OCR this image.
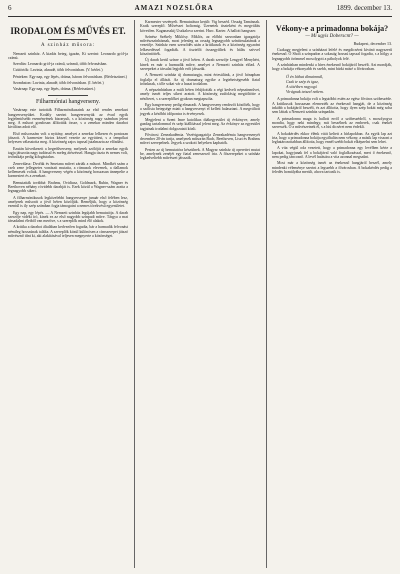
6	AMAZI NOZSLŐRA	1899. december 13.
IRODALOM ÉS MŰVÉS ET.
A szinház műsora:

Nemzeti szinház. A kiadás beteg, igazán, Ki szerint: Leonardo gróf-ja czímü.

Szerdán: Leonardo gróf-ja czímű, színmű, több felvonásban.

Csütörtök: Lavinia, aknadé, több felvonásban. (V. bérlet.)

Pénteken: Egy nap, egy lépés, dráma, három felvonásban. (Bérletszünet.)

Szombaton: Lavinia, aknadé, több felvonásban. (I. bérlet.)

Vasárnap: Egy nap, egy lépés, dráma. (Bérletszünet.)

Filharmóniai hangverseny.

Vasárnap este tartották Filharmónikusaink az első rendes zenekari hangversenyüket. Kodály szerint hangversenyük az évad egyik legjelentősebb eseményének bizonyult, s a közönség nagy számban jelent meg. A műsort gondosan állították össze, s a zenekar minden darabot kiválóan adott elő.

Első műsorszám volt a nyitány, amelyet a zenekar lelkesen és pontosan játszott. A karmester biztos kézzel vezette az együttest, s a tempókat helyesen választotta meg. A közönség zajos tapssal jutalmazta az előadást.

Ezután következett a hegedűverseny, melynek szólóját a zenekar egyik tagja játszotta nagy tudással és meleg átérzéssel. Hangja tiszta és nemes volt, technikája pedig kifogástalan.

Zeneválasz: Dvořák és Smetana művei zárták a műsort. Mindkét szám a cseh zene jellegzetes vonásait mutatta, a ritmusok elevenek, a dallamok kellemesek voltak. A hangverseny végén a közönség hosszasan ünnepelte a karmestert és a zenekart.

Bemutatták továbbá: Brahms, Ovidiusz, Goldmark, Rubin, Wagner és Beethoven néhány rövidebb darabját is. Ezek közül a Wagner-szám aratta a legnagyobb sikert.

A filharmónikusok legközelebbi hangversenye január első felében lesz, amelynek műsorát a jövő héten közöljük. Reméljük, hogy a közönség ezentúl is ily szép számban fogja támogatni a nemes törekvésű egyesületet.

Egy nap, egy lépés. — A Nemzeti szinház legújabb bemutatója. A darab szerzője vidéki író, kinek ez az első nagyobb színpadi műve. Tárgya a mai társadalmi életből van merítve, s a szereplők mind élő alakok.

A kritika a darabot általában kedvezően fogadta, bár a harmadik felvonást némileg hosszúnak találta. A szereplők közül különösen a címszerepet játszó művésznő tűnt ki, aki alakításával teljesen megnyerte a közönséget.

Karmester vezényelt. Bemutatásra került: Vig beszéd. Ország Tamásnak. Kratk szereplő. Művészet holtomig. Üzenetek tiszteként és megváltás követően. Kaganaszkij Uszkalova szerint. Harc. Karter. A hallott hangszer.

Színész Székely Miklósy. Miklós, az előbbi szezonban igazgatója művészszínháznak, most jelenleg az ország legnagyobb színtársulatának a vezetője. Színház ezen szerződés után a kritikusok és a közönség egyaránt lelkesedéssel fogadták. A tisztelői összegyűltek és hálás szívvel köszöntötték.

Új darab kerül színre a jövő héten. A darab szerzője Lengyel Menyhért, kinek ez már a harmadik műve, amelyet a Nemzeti szinház előad. A szerepeket a társulat legjobb erői játsszák.

A Nemzeti szinház új dramaturgja, mint értesülünk, a jövő hónapban foglalja el állását. Az új dramaturg egyike a legtehetségesebb fiatal íróinknak, s tőle sokat vár a hazai irodalom.

A népszínházban a múlt héten felújították a régi kedvelt népszínművet, amely ismét teljes sikert aratott. A közönség zsúfolásig megtöltötte a nézőteret, s a szereplőket gyakran megtapsolta.

Egy hangverseny pedig elmaradt. A hangverseny rendezői közölték, hogy a szólista betegsége miatt a hangversenyt el kellett halasztani. A megváltott jegyek a későbbi időpontra is érvényesek.

Megjelent a Szent Imre katolikus diákegyesület új évkönyve, amely gazdag tartalommal és szép kiállítással jelent meg. Az évkönyv az egyesület tagjainak irodalmi dolgozatait közli.

Fővárosi Zeneakadémia. Vezérigazgatója Zeneakadémia hangversenyét december 20-án tartja, amelynek műsorán Bach, Beethoven, Liszt és Brahms művei szerepelnek. Jegyek a szokott helyeken kaphatók.

Pesten az új bemutatóra készülnek. A Magyar szinház új operettet mutat be, amelynek zenéjét egy fiatal zeneszerző írta. A főszerepeket a színház legkedveltebb művészei játsszák.

Vékony-e a primadonna bokája?
— Mi ugyis Doberscnt? —
Budapest, december 13.

Csakugy megjelent a színházat lefelé és megdicsérni kívánó nagyszerű énekesnő. Ő Sholt a színpadon a sokaság hosszú tapssal fogadta, s a hölgy a legnagyobb örömmel mosolygott a páholyok felé.

A színházban mindenki a híres énekesnő bokájáról beszélt. Azt mondják, hogy a bokája vékonyabb és szebb, mint bárki másé a fővárosban.

Ó én láthat álmaimnál,
Csak te szép és igaz,
A sötétben ragyogó
Virágnak tetszel nekem.

A primadonna bokája volt a legutóbbi estén az egész főváros szóbeszéde. A kritikusok hosszasan elemezték az énekesnő hangját, de a közönség inkább a bokájáról beszélt, és azt állította, hogy ilyen szép bokát még soha sem láttak a Nemzeti szinház színpadán.

A primadonna maga is hallott erről a szóbeszédről, s mosolyogva mondta, hogy neki mindegy, mit beszélnek az emberek, csak énekét szeressék. Ő a művészetnek él, s a hiú dicséret nem érdekli.

A bokakérdés ekkor élénk vitát keltett a hírlapokban. Az egyik lap azt írta, hogy a primadonna bokája egyáltalán nem vékony, a másik lap viszont a leghatározottabban állította, hogy ennél szebb bokát elképzelni sem lehet.

A vita végül oda vezetett, hogy a primadonna egy levélben kérte a lapokat, hagyjanak fel a bokájával való foglalkozással, mert ő énekesnő, nem pedig táncosnő. A levél hatására a vita azonnal megszűnt.

Most már a közönség ismét az énekesnő hangjáról beszél, amely mindenki véleménye szerint a legszebb a fővárosban. A bokakérdés pedig a feledés homályába merült, ahova tartozik is.
